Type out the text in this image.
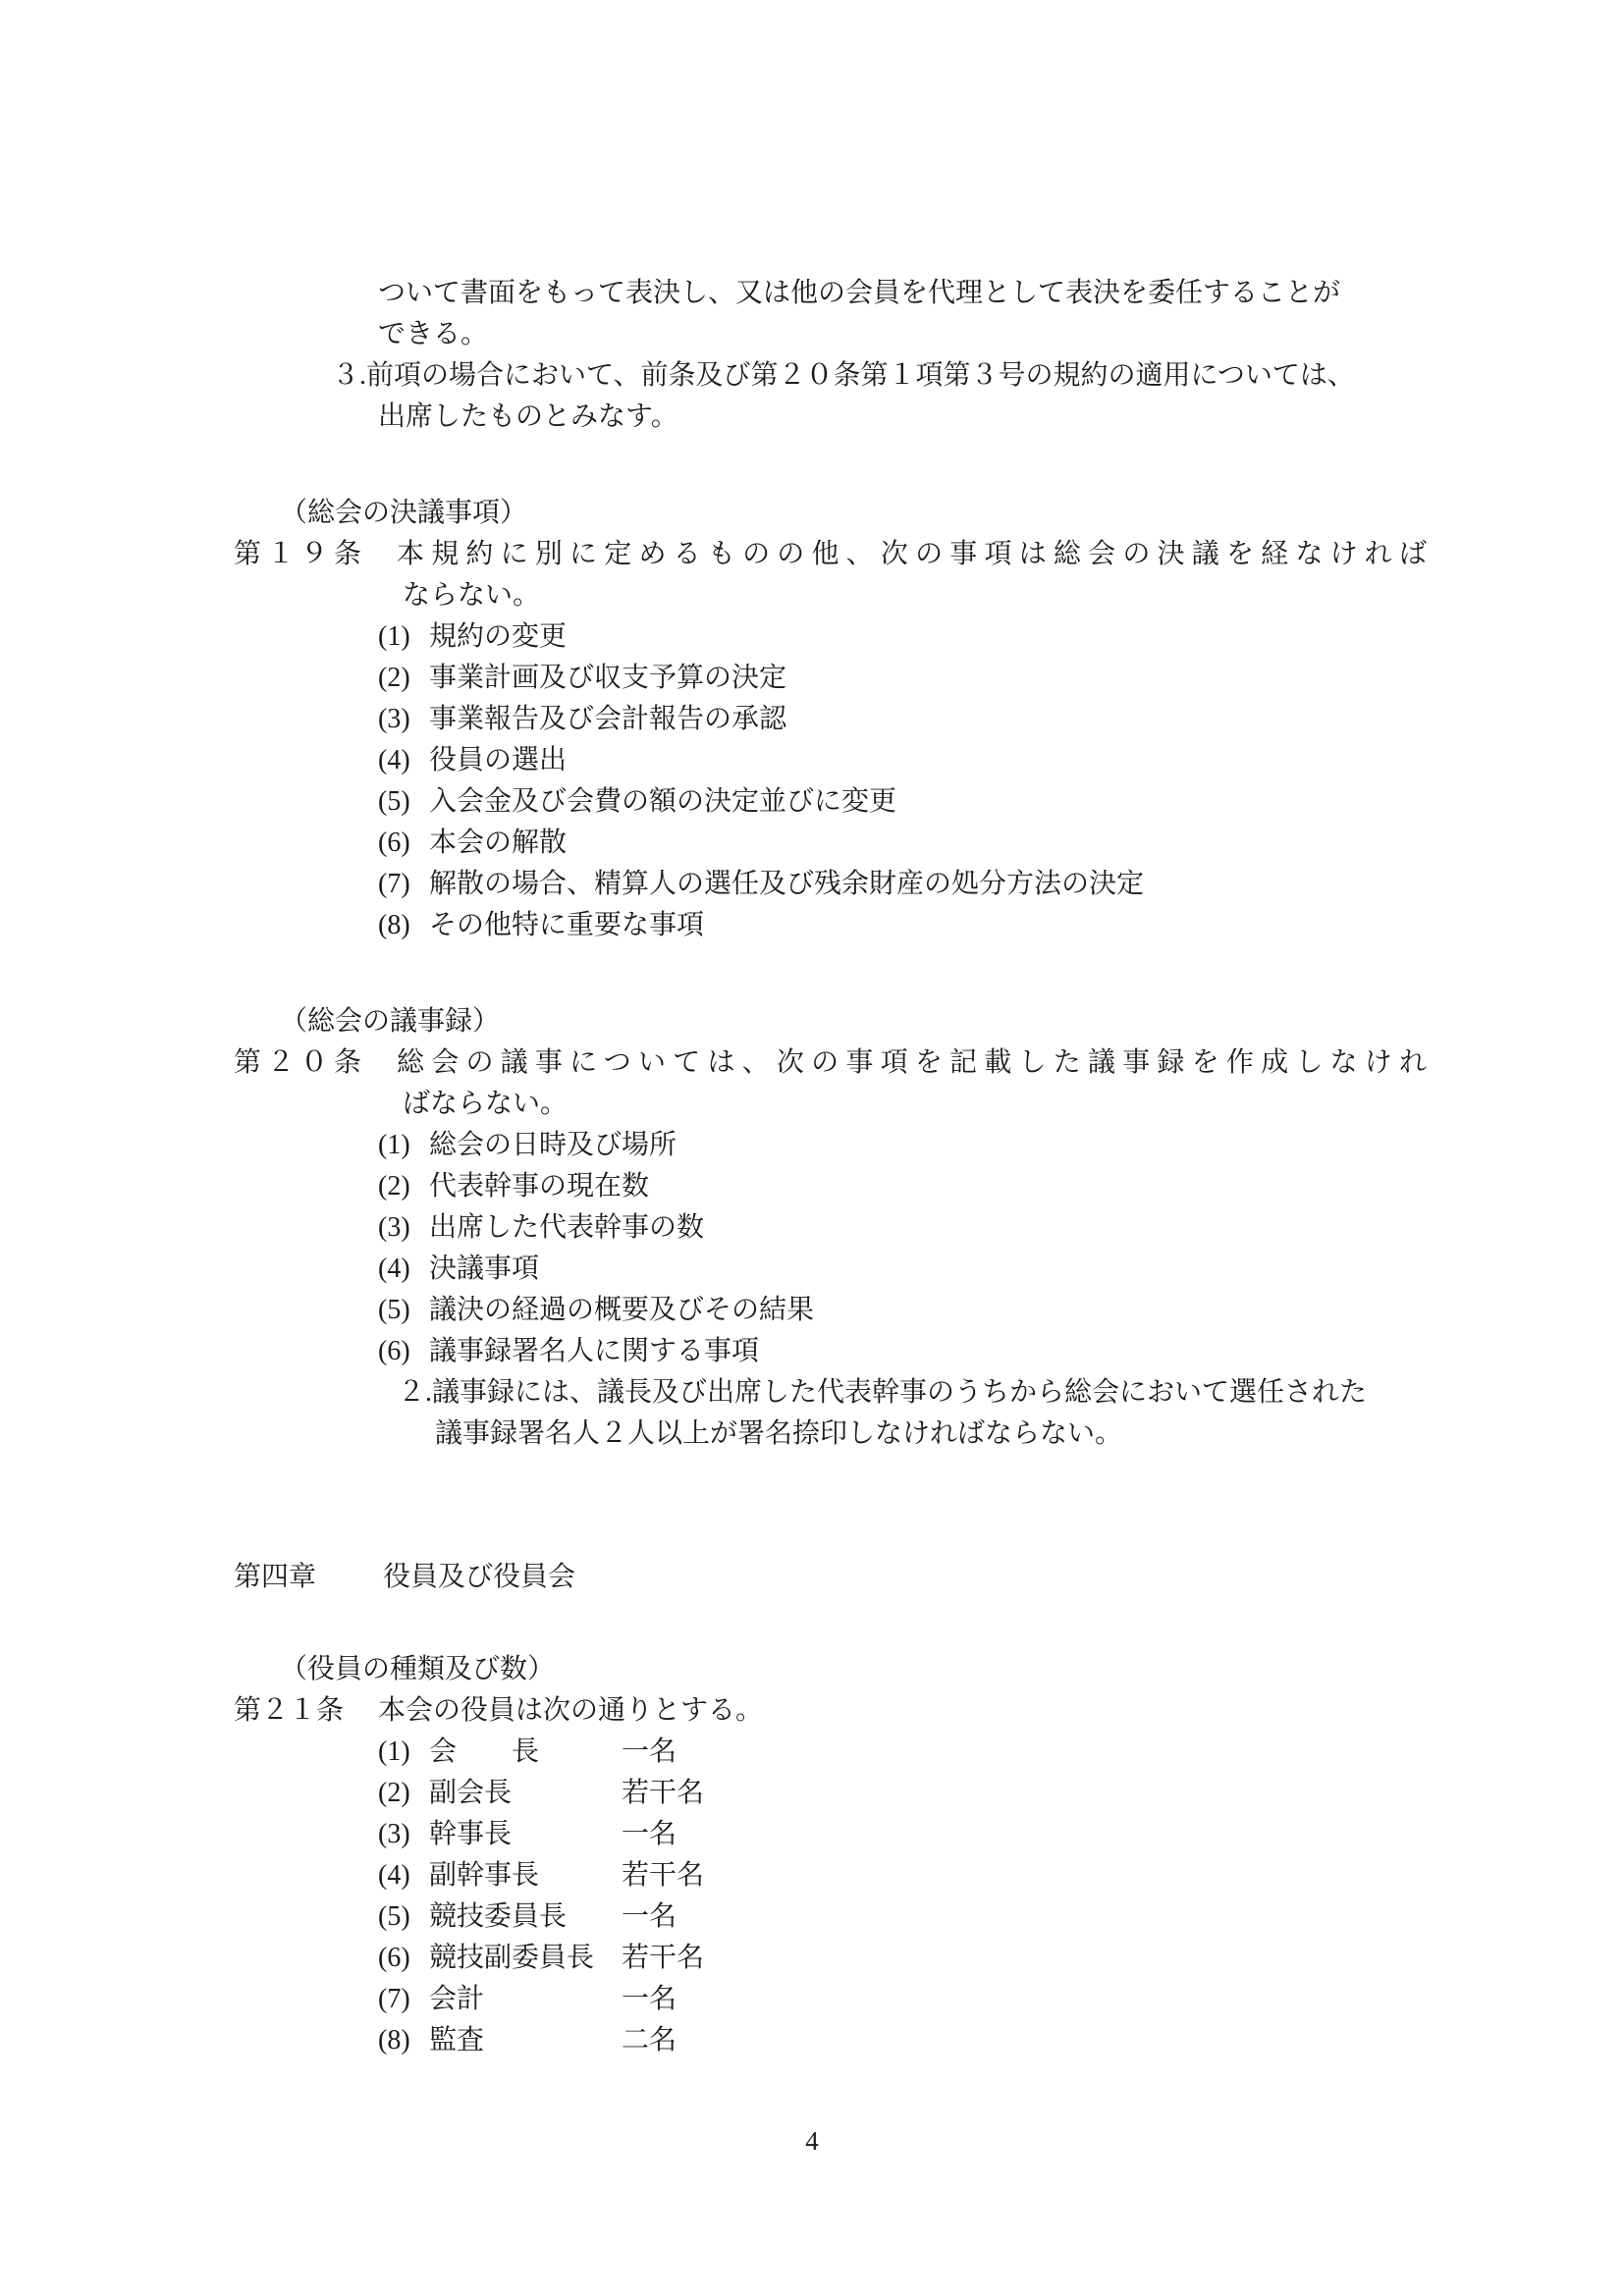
ついて書面をもって表決し、又は他の会員を代理として表決を委任することが
できる。
３.前項の場合において、前条及び第２０条第１項第３号の規約の適用については、
出席したものとみなす。
（総会の決議事項）
第１９条 本規約に別に定めるものの他、次の事項は総会の決議を経なければ
ならない。
(1) 規約の変更
(2) 事業計画及び収支予算の決定
(3) 事業報告及び会計報告の承認
(4) 役員の選出
(5) 入会金及び会費の額の決定並びに変更
(6) 本会の解散
(7) 解散の場合、精算人の選任及び残余財産の処分方法の決定
(8) その他特に重要な事項
（総会の議事録）
第２０条 総会の議事については、次の事項を記載した議事録を作成しなけれ
ばならない。
(1) 総会の日時及び場所
(2) 代表幹事の現在数
(3) 出席した代表幹事の数
(4) 決議事項
(5) 議決の経過の概要及びその結果
(6) 議事録署名人に関する事項
２.議事録には、議長及び出席した代表幹事のうちから総会において選任された
議事録署名人２人以上が署名捺印しなければならない。
第四章 役員及び役員会
（役員の種類及び数）
第２１条 本会の役員は次の通りとする。
(1) 会　　長	一名
(2) 副会長	若干名
(3) 幹事長	一名
(4) 副幹事長	若干名
(5) 競技委員長 一名
(6) 競技副委員長 若干名
(7) 会計	一名
(8) 監査	二名
4
